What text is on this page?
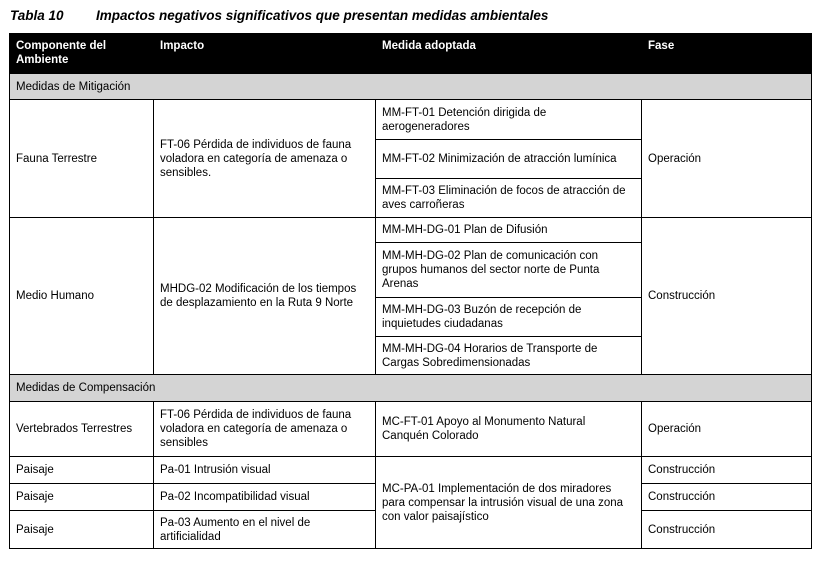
Tabla 10 Impactos negativos significativos que presentan medidas ambientales
Componente del Ambiente	Impacto	Medida adoptada	Fase
Medidas de Mitigación			
Fauna Terrestre	FT-06 Pérdida de individuos de fauna voladora en categoría de amenaza o sensibles.	MM-FT-01 Detención dirigida de aerogeneradores	Operación
		MM-FT-02 Minimización de atracción lumínica	
		MM-FT-03 Eliminación de focos de atracción de aves carroñeras	
Medio Humano	MHDG-02 Modificación de los tiempos de desplazamiento en la Ruta 9 Norte	MM-MH-DG-01 Plan de Difusión	Construcción
		MM-MH-DG-02 Plan de comunicación con grupos humanos del sector norte de Punta Arenas	
		MM-MH-DG-03 Buzón de recepción de inquietudes ciudadanas	
		MM-MH-DG-04 Horarios de Transporte de Cargas Sobredimensionadas	
Medidas de Compensación			
Vertebrados Terrestres	FT-06 Pérdida de individuos de fauna voladora en categoría de amenaza o sensibles	MC-FT-01 Apoyo al Monumento Natural Canquén Colorado	Operación
Paisaje	Pa-01 Intrusión visual	MC-PA-01 Implementación de dos miradores para compensar la intrusión visual de una zona con valor paisajístico	Construcción
Paisaje	Pa-02 Incompatibilidad visual		Construcción
Paisaje	Pa-03 Aumento en el nivel de artificialidad		Construcción
